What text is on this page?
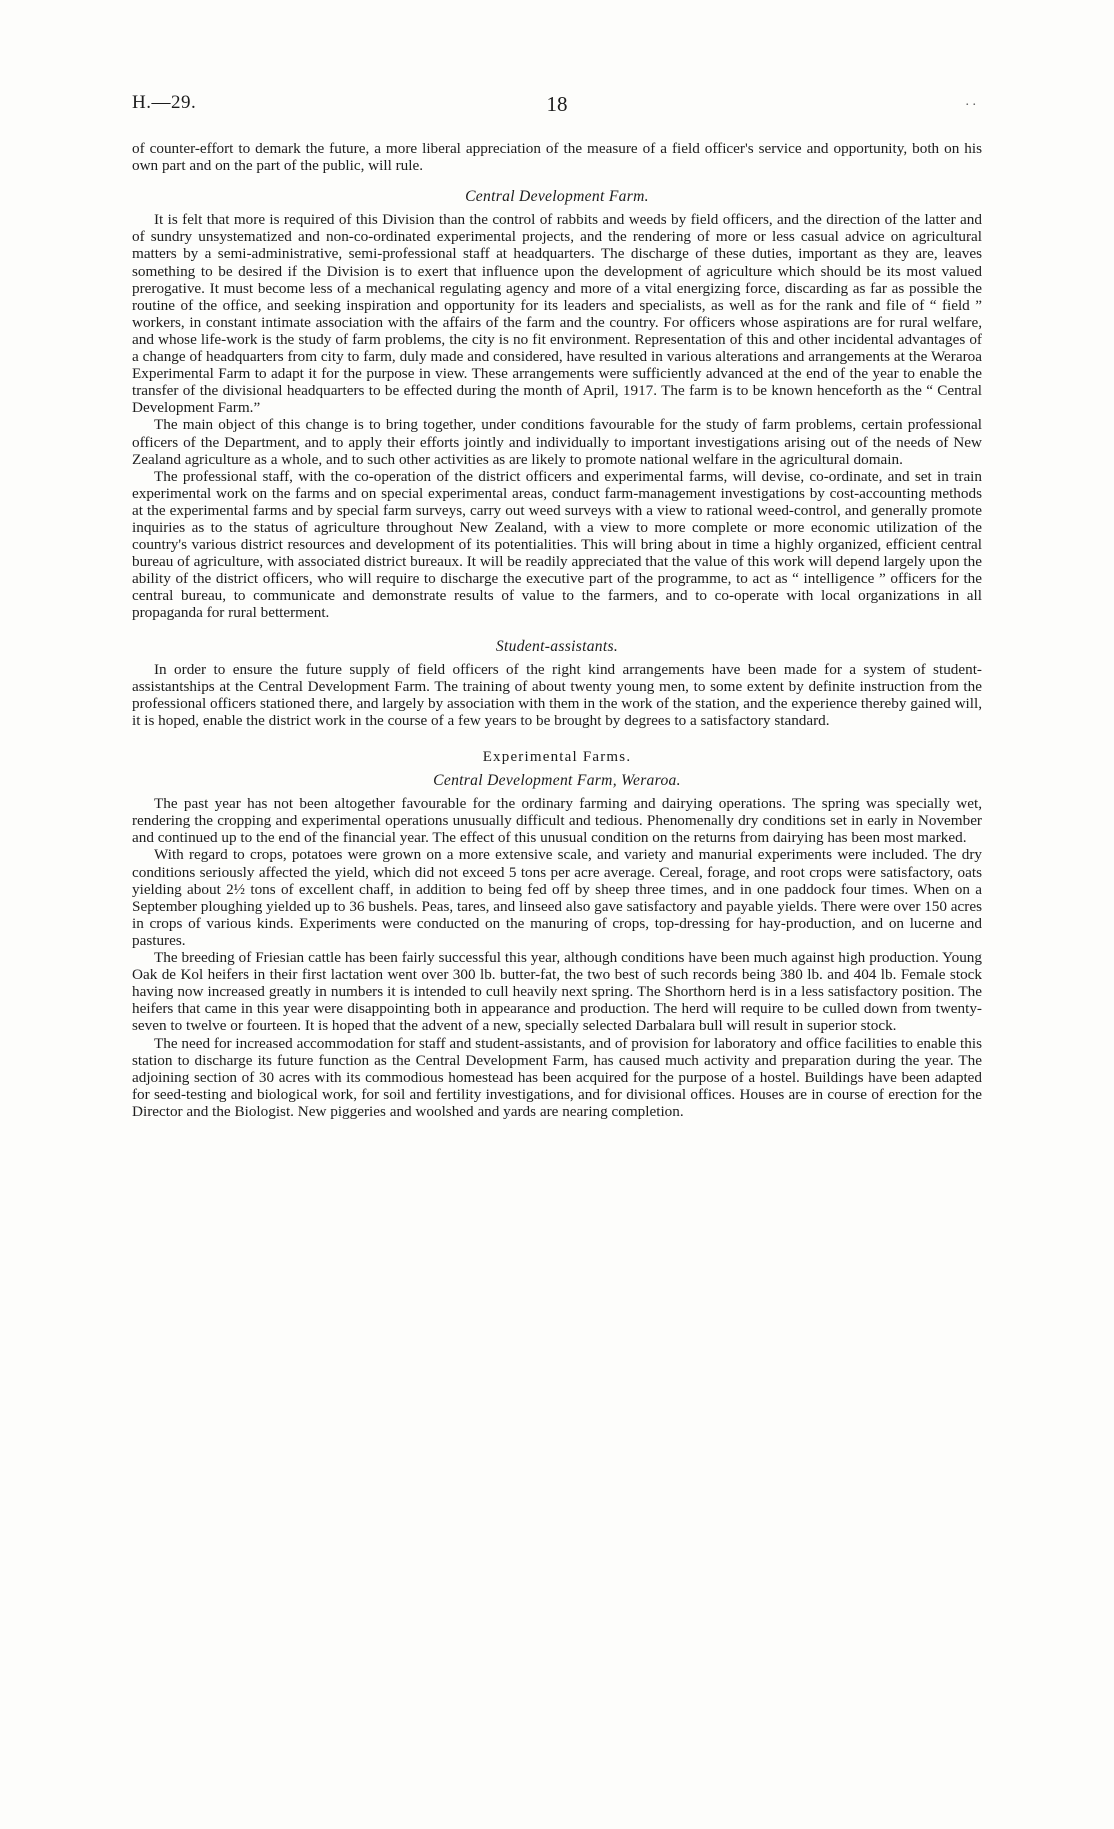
H.—29.	18	. .

of counter-effort to demark the future, a more liberal appreciation of the measure of a field officer's service and opportunity, both on his own part and on the part of the public, will rule.

Central Development Farm.

It is felt that more is required of this Division than the control of rabbits and weeds by field officers, and the direction of the latter and of sundry unsystematized and non-co-ordinated experimental projects, and the rendering of more or less casual advice on agricultural matters by a semi-administrative, semi-professional staff at headquarters. The discharge of these duties, important as they are, leaves something to be desired if the Division is to exert that influence upon the development of agriculture which should be its most valued prerogative. It must become less of a mechanical regulating agency and more of a vital energizing force, discarding as far as possible the routine of the office, and seeking inspiration and opportunity for its leaders and specialists, as well as for the rank and file of “ field ” workers, in constant intimate association with the affairs of the farm and the country. For officers whose aspirations are for rural welfare, and whose life-work is the study of farm problems, the city is no fit environment. Representation of this and other incidental advantages of a change of headquarters from city to farm, duly made and considered, have resulted in various alterations and arrangements at the Weraroa Experimental Farm to adapt it for the purpose in view. These arrangements were sufficiently advanced at the end of the year to enable the transfer of the divisional headquarters to be effected during the month of April, 1917. The farm is to be known henceforth as the “ Central Development Farm.”

The main object of this change is to bring together, under conditions favourable for the study of farm problems, certain professional officers of the Department, and to apply their efforts jointly and individually to important investigations arising out of the needs of New Zealand agriculture as a whole, and to such other activities as are likely to promote national welfare in the agricultural domain.

The professional staff, with the co-operation of the district officers and experimental farms, will devise, co-ordinate, and set in train experimental work on the farms and on special experimental areas, conduct farm-management investigations by cost-accounting methods at the experimental farms and by special farm surveys, carry out weed surveys with a view to rational weed-control, and generally promote inquiries as to the status of agriculture throughout New Zealand, with a view to more complete or more economic utilization of the country's various district resources and development of its potentialities. This will bring about in time a highly organized, efficient central bureau of agriculture, with associated district bureaux. It will be readily appreciated that the value of this work will depend largely upon the ability of the district officers, who will require to discharge the executive part of the programme, to act as “ intelligence ” officers for the central bureau, to communicate and demonstrate results of value to the farmers, and to co-operate with local organizations in all propaganda for rural betterment.

Student-assistants.

In order to ensure the future supply of field officers of the right kind arrangements have been made for a system of student-assistantships at the Central Development Farm. The training of about twenty young men, to some extent by definite instruction from the professional officers stationed there, and largely by association with them in the work of the station, and the experience thereby gained will, it is hoped, enable the district work in the course of a few years to be brought by degrees to a satisfactory standard.

Experimental Farms.
Central Development Farm, Weraroa.

The past year has not been altogether favourable for the ordinary farming and dairying operations. The spring was specially wet, rendering the cropping and experimental operations unusually difficult and tedious. Phenomenally dry conditions set in early in November and continued up to the end of the financial year. The effect of this unusual condition on the returns from dairying has been most marked.

With regard to crops, potatoes were grown on a more extensive scale, and variety and manurial experiments were included. The dry conditions seriously affected the yield, which did not exceed 5 tons per acre average. Cereal, forage, and root crops were satisfactory, oats yielding about 2½ tons of excellent chaff, in addition to being fed off by sheep three times, and in one paddock four times. When on a September ploughing yielded up to 36 bushels. Peas, tares, and linseed also gave satisfactory and payable yields. There were over 150 acres in crops of various kinds. Experiments were conducted on the manuring of crops, top-dressing for hay-production, and on lucerne and pastures.

The breeding of Friesian cattle has been fairly successful this year, although conditions have been much against high production. Young Oak de Kol heifers in their first lactation went over 300 lb. butter-fat, the two best of such records being 380 lb. and 404 lb. Female stock having now increased greatly in numbers it is intended to cull heavily next spring. The Shorthorn herd is in a less satisfactory position. The heifers that came in this year were disappointing both in appearance and production. The herd will require to be culled down from twenty-seven to twelve or fourteen. It is hoped that the advent of a new, specially selected Darbalara bull will result in superior stock.

The need for increased accommodation for staff and student-assistants, and of provision for laboratory and office facilities to enable this station to discharge its future function as the Central Development Farm, has caused much activity and preparation during the year. The adjoining section of 30 acres with its commodious homestead has been acquired for the purpose of a hostel. Buildings have been adapted for seed-testing and biological work, for soil and fertility investigations, and for divisional offices. Houses are in course of erection for the Director and the Biologist. New piggeries and woolshed and yards are nearing completion.
